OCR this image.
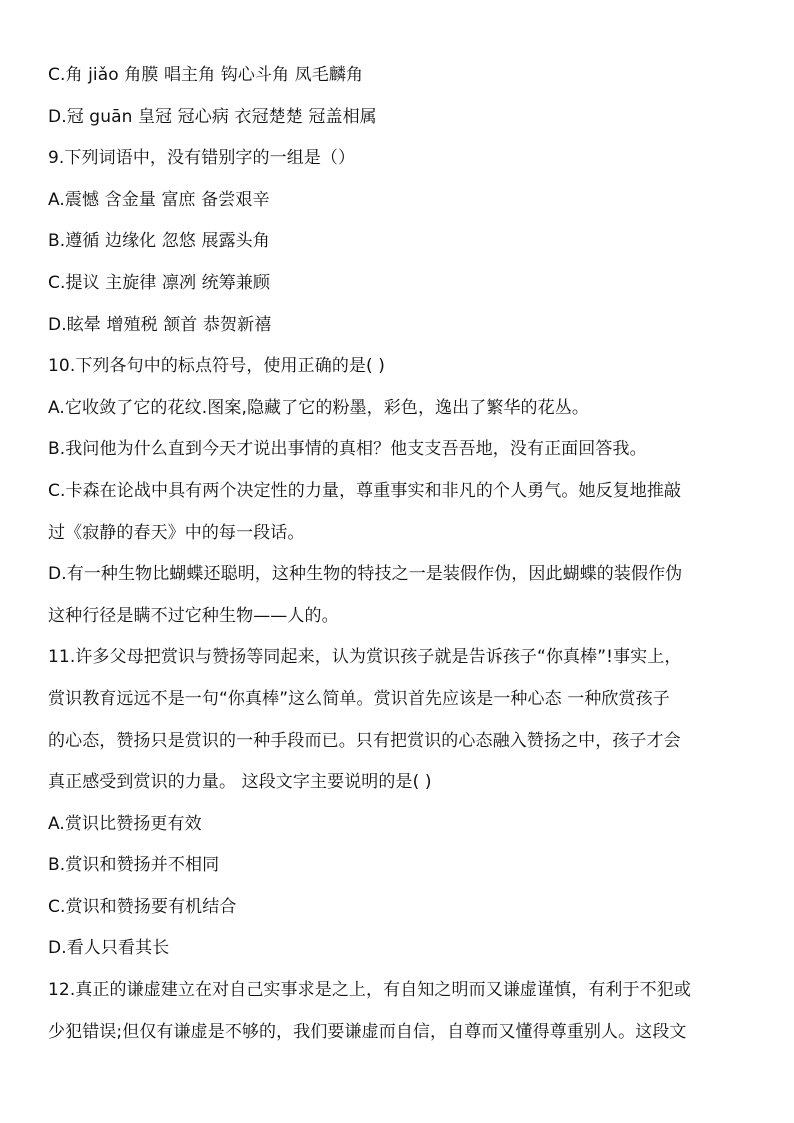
C.角 jiǎo 角膜 唱主角 钩心斗角 凤毛麟角
D.冠 guān 皇冠 冠心病 衣冠楚楚 冠盖相属
9.下列词语中，没有错别字的一组是（）
A.震憾 含金量 富庶 备尝艰辛
B.遵循 边缘化 忽悠 展露头角
C.提议 主旋律 凛冽 统筹兼顾
D.眩晕 增殖税 颔首 恭贺新禧
10.下列各句中的标点符号，使用正确的是( )
A.它收敛了它的花纹.图案,隐藏了它的粉墨，彩色，逸出了繁华的花丛。
B.我问他为什么直到今天才说出事情的真相？他支支吾吾地，没有正面回答我。
C.卡森在论战中具有两个决定性的力量，尊重事实和非凡的个人勇气。她反复地推敲
过《寂静的春天》中的每一段话。
D.有一种生物比蝴蝶还聪明，这种生物的特技之一是装假作伪，因此蝴蝶的装假作伪
这种行径是瞒不过它种生物——人的。
11.许多父母把赏识与赞扬等同起来，认为赏识孩子就是告诉孩子“你真棒”!事实上，
赏识教育远远不是一句“你真棒”这么简单。赏识首先应该是一种心态 一种欣赏孩子
的心态，赞扬只是赏识的一种手段而已。只有把赏识的心态融入赞扬之中，孩子才会
真正感受到赏识的力量。 这段文字主要说明的是( )
A.赏识比赞扬更有效
B.赏识和赞扬并不相同
C.赏识和赞扬要有机结合
D.看人只看其长
12.真正的谦虚建立在对自己实事求是之上，有自知之明而又谦虚谨慎，有利于不犯或
少犯错误;但仅有谦虚是不够的，我们要谦虚而自信，自尊而又懂得尊重别人。这段文
